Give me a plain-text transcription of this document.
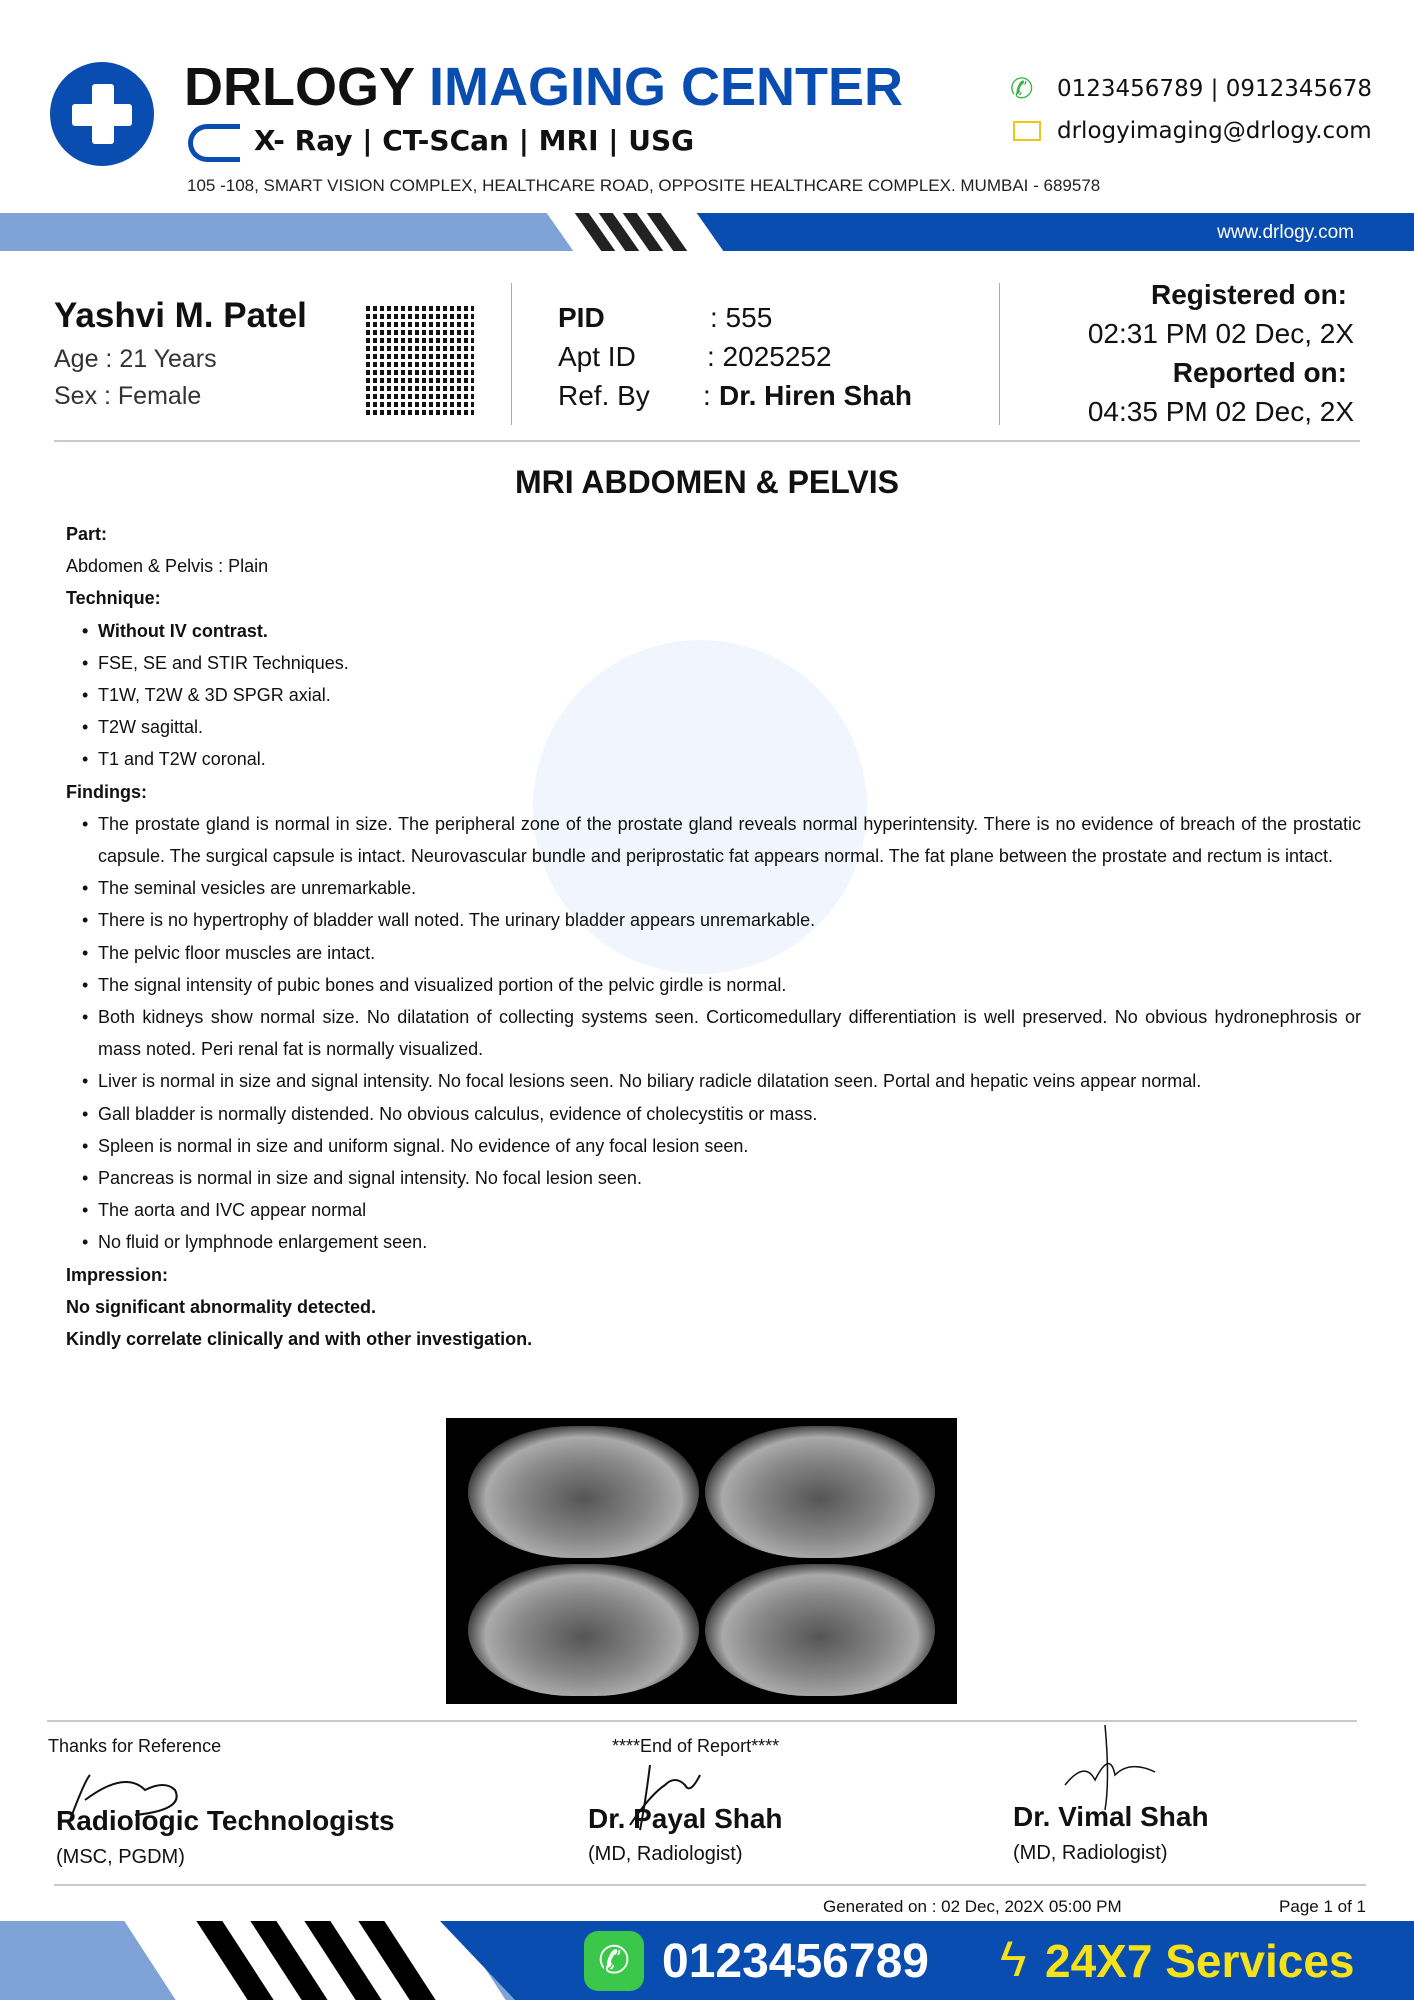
DRLOGY IMAGING CENTER
X- Ray | CT-SCan | MRI | USG
105 -108, SMART VISION COMPLEX, HEALTHCARE ROAD, OPPOSITE HEALTHCARE COMPLEX. MUMBAI - 689578
✆ 0123456789 | 0912345678
drlogyimaging@drlogy.com
www.drlogy.com
Yashvi M. Patel
Age : 21 Years
Sex : Female
PID	: 555
Apt ID	: 2025252
Ref. By : Dr. Hiren Shah
Registered on:
02:31 PM 02 Dec, 2X
Reported on:
04:35 PM 02 Dec, 2X
MRI ABDOMEN & PELVIS
Part:

Abdomen & Pelvis : Plain

Technique:
• Without IV contrast.
• FSE, SE and STIR Techniques.
• T1W, T2W & 3D SPGR axial.
• T2W sagittal.
• T1 and T2W coronal.
Findings:
• The prostate gland is normal in size. The peripheral zone of the prostate gland reveals normal hyperintensity. There is no evidence of breach of the prostatic capsule. The surgical capsule is intact. Neurovascular bundle and periprostatic fat appears normal. The fat plane between the prostate and rectum is intact.
• The seminal vesicles are unremarkable.
• There is no hypertrophy of bladder wall noted. The urinary bladder appears unremarkable.
• The pelvic floor muscles are intact.
• The signal intensity of pubic bones and visualized portion of the pelvic girdle is normal.
• Both kidneys show normal size. No dilatation of collecting systems seen. Corticomedullary differentiation is well preserved. No obvious hydronephrosis or mass noted. Peri renal fat is normally visualized.
• Liver is normal in size and signal intensity. No focal lesions seen. No biliary radicle dilatation seen. Portal and hepatic veins appear normal.
• Gall bladder is normally distended. No obvious calculus, evidence of cholecystitis or mass.
• Spleen is normal in size and uniform signal. No evidence of any focal lesion seen.
• Pancreas is normal in size and signal intensity. No focal lesion seen.
• The aorta and IVC appear normal
• No fluid or lymphnode enlargement seen.
Impression:
No significant abnormality detected.
Kindly correlate clinically and with other investigation.
Thanks for Reference	****End of Report****
Radiologic Technologists
(MSC, PGDM)
Dr. Payal Shah
(MD, Radiologist)
Dr. Vimal Shah
(MD, Radiologist)
Generated on : 02 Dec, 202X 05:00 PM	Page 1 of 1
✆ 0123456789 ϟ 24X7 Services
